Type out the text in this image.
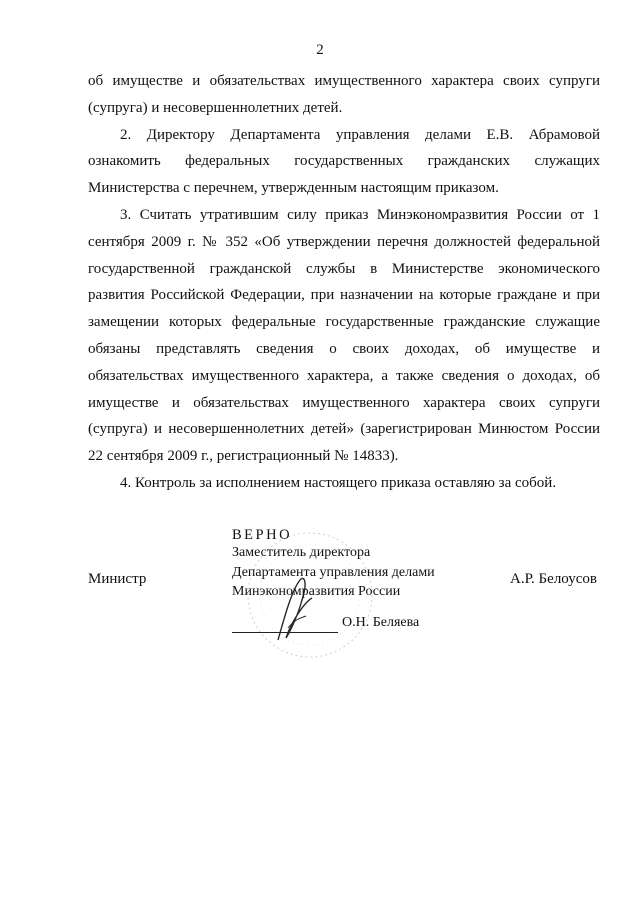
2

об имуществе и обязательствах имущественного характера своих супруги (супруга) и несовершеннолетних детей.

2. Директору Департамента управления делами Е.В. Абрамовой ознакомить федеральных государственных гражданских служащих Министерства с перечнем, утвержденным настоящим приказом.

3. Считать утратившим силу приказ Минэкономразвития России от 1 сентября 2009 г. № 352 «Об утверждении перечня должностей федеральной государственной гражданской службы в Министерстве экономического развития Российской Федерации, при назначении на которые граждане и при замещении которых федеральные государственные гражданские служащие обязаны представлять сведения о своих доходах, об имуществе и обязательствах имущественного характера, а также сведения о доходах, об имуществе и обязательствах имущественного характера своих супруги (супруга) и несовершеннолетних детей» (зарегистрирован Минюстом России 22 сентября 2009 г., регистрационный № 14833).

4. Контроль за исполнением настоящего приказа оставляю за собой.

ВЕРНО
Заместитель директора
Департамента управления делами
Минэкономразвития России
Министр	А.Р. Белоусов
О.Н. Беляева
